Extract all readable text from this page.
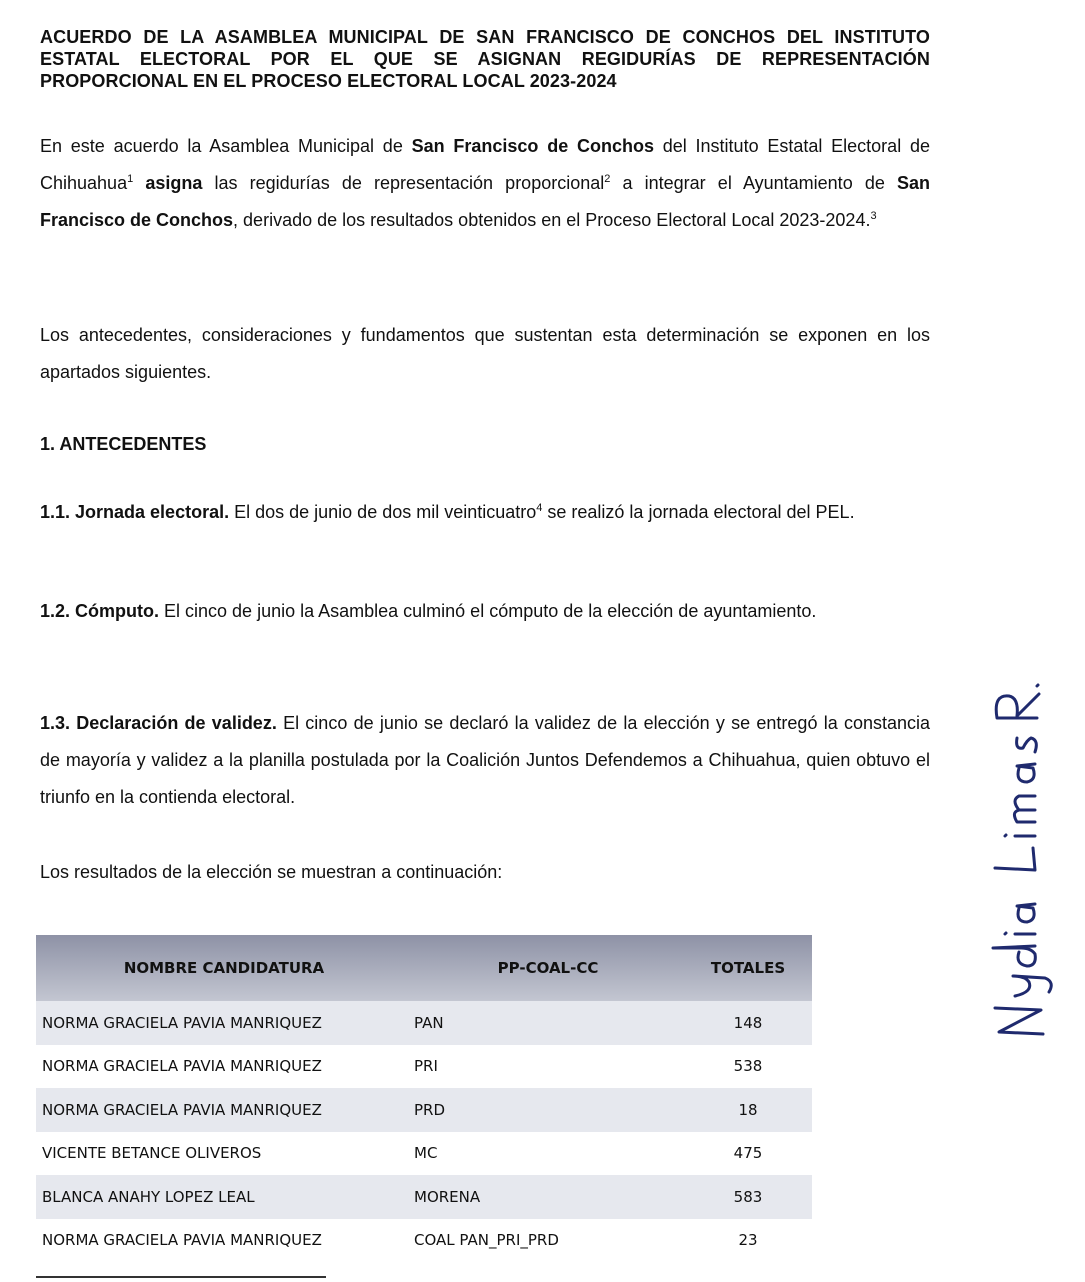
ACUERDO DE LA ASAMBLEA MUNICIPAL DE SAN FRANCISCO DE CONCHOS DEL INSTITUTO ESTATAL ELECTORAL POR EL QUE SE ASIGNAN REGIDURÍAS DE REPRESENTACIÓN PROPORCIONAL EN EL PROCESO ELECTORAL LOCAL 2023-2024
En este acuerdo la Asamblea Municipal de San Francisco de Conchos del Instituto Estatal Electoral de Chihuahua$^1$ asigna las regidurías de representación proporcional$^2$ a integrar el Ayuntamiento de San Francisco de Conchos, derivado de los resultados obtenidos en el Proceso Electoral Local 2023-2024.$^3$
Los antecedentes, consideraciones y fundamentos que sustentan esta determinación se exponen en los apartados siguientes.
1. ANTECEDENTES
1.1. Jornada electoral. El dos de junio de dos mil veinticuatro$^4$ se realizó la jornada electoral del PEL.
1.2. Cómputo. El cinco de junio la Asamblea culminó el cómputo de la elección de ayuntamiento.
1.3. Declaración de validez. El cinco de junio se declaró la validez de la elección y se entregó la constancia de mayoría y validez a la planilla postulada por la Coalición Juntos Defendemos a Chihuahua, quien obtuvo el triunfo en la contienda electoral.
Los resultados de la elección se muestran a continuación:
NOMBRE CANDIDATURA	PP-COAL-CC	TOTALES
NORMA GRACIELA PAVIA MANRIQUEZ	PAN	148
NORMA GRACIELA PAVIA MANRIQUEZ	PRI	538
NORMA GRACIELA PAVIA MANRIQUEZ	PRD	18
VICENTE BETANCE OLIVEROS	MC	475
BLANCA ANAHY LOPEZ LEAL	MORENA	583
NORMA GRACIELA PAVIA MANRIQUEZ	COAL PAN_PRI_PRD	23
